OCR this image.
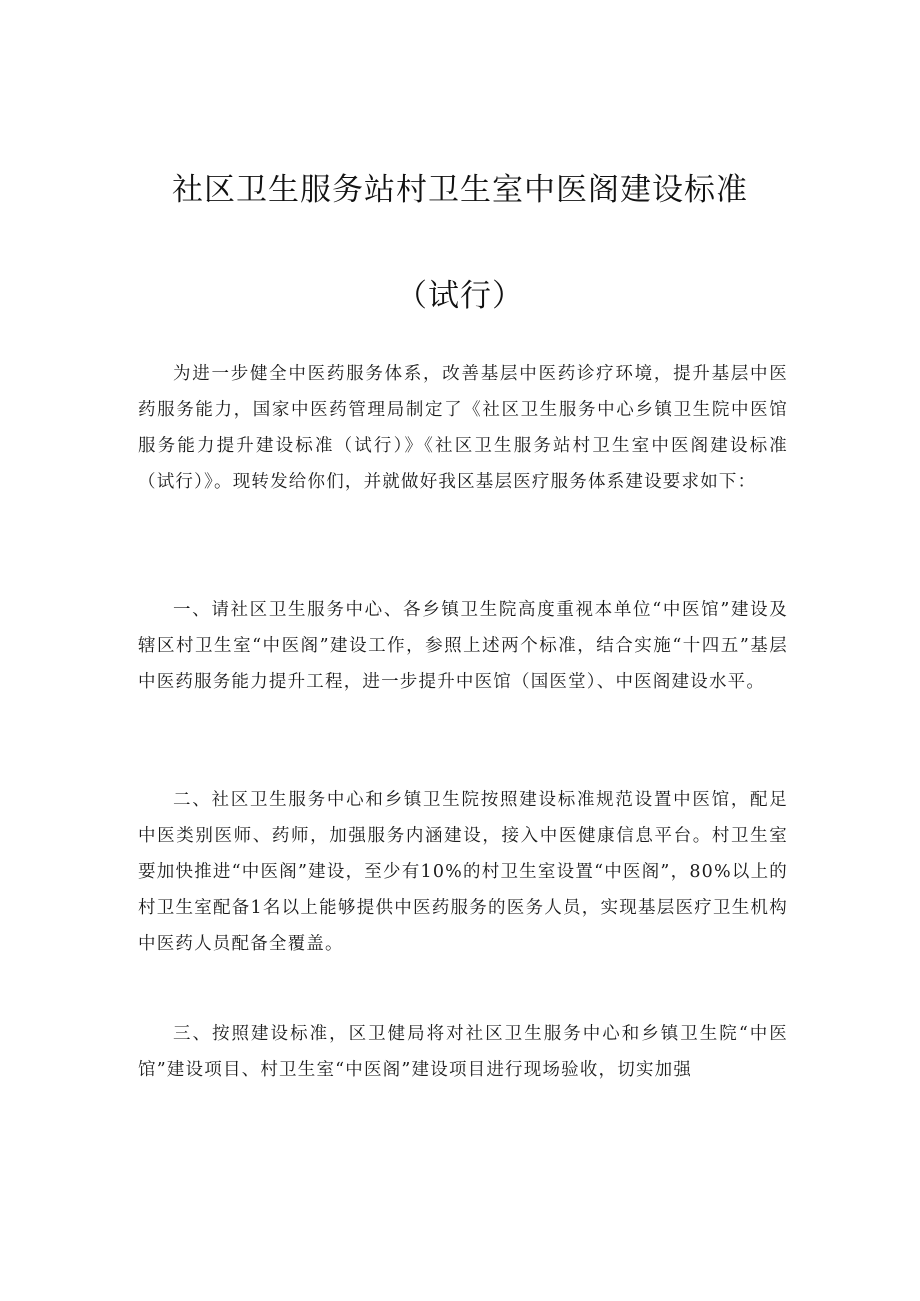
社区卫生服务站村卫生室中医阁建设标准
（试行）

为进一步健全中医药服务体系，改善基层中医药诊疗环境，提升基层中医药服务能力，国家中医药管理局制定了《社区卫生服务中心乡镇卫生院中医馆服务能力提升建设标准（试行）》《社区卫生服务站村卫生室中医阁建设标准（试行）》。现转发给你们，并就做好我区基层医疗服务体系建设要求如下：

一、请社区卫生服务中心、各乡镇卫生院高度重视本单位“中医馆”建设及辖区村卫生室“中医阁”建设工作，参照上述两个标准，结合实施“十四五”基层中医药服务能力提升工程，进一步提升中医馆（国医堂）、中医阁建设水平。

二、社区卫生服务中心和乡镇卫生院按照建设标准规范设置中医馆，配足中医类别医师、药师，加强服务内涵建设，接入中医健康信息平台。村卫生室要加快推进“中医阁”建设，至少有10%的村卫生室设置“中医阁”，80%以上的村卫生室配备1名以上能够提供中医药服务的医务人员，实现基层医疗卫生机构中医药人员配备全覆盖。

三、按照建设标准，区卫健局将对社区卫生服务中心和乡镇卫生院“中医馆”建设项目、村卫生室“中医阁”建设项目进行现场验收，切实加强
